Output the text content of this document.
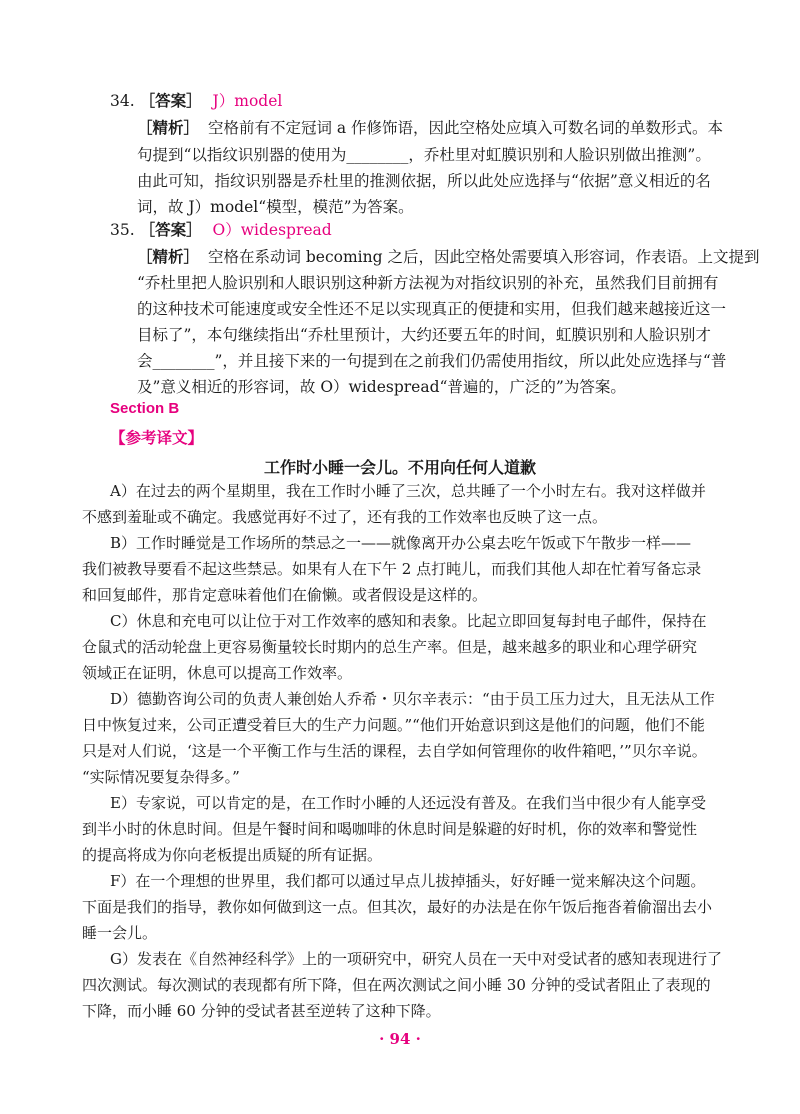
34. ［答案］ J）model
［精析］ 空格前有不定冠词 a 作修饰语，因此空格处应填入可数名词的单数形式。本
句提到“以指纹识别器的使用为________，乔杜里对虹膜识别和人脸识别做出推测”。
由此可知，指纹识别器是乔杜里的推测依据，所以此处应选择与“依据”意义相近的名
词，故 J）model“模型，模范”为答案。
35. ［答案］ O）widespread
［精析］ 空格在系动词 becoming 之后，因此空格处需要填入形容词，作表语。上文提到
“乔杜里把人脸识别和人眼识别这种新方法视为对指纹识别的补充，虽然我们目前拥有
的这种技术可能速度或安全性还不足以实现真正的便捷和实用，但我们越来越接近这一
目标了”，本句继续指出“乔杜里预计，大约还要五年的时间，虹膜识别和人脸识别才
会________”，并且接下来的一句提到在之前我们仍需使用指纹，所以此处应选择与“普
及”意义相近的形容词，故 O）widespread“普遍的，广泛的”为答案。
Section B
【参考译文】
工作时小睡一会儿。不用向任何人道歉
A）在过去的两个星期里，我在工作时小睡了三次，总共睡了一个小时左右。我对这样做并
不感到羞耻或不确定。我感觉再好不过了，还有我的工作效率也反映了这一点。
B）工作时睡觉是工作场所的禁忌之一——就像离开办公桌去吃午饭或下午散步一样——
我们被教导要看不起这些禁忌。如果有人在下午 2 点打盹儿，而我们其他人却在忙着写备忘录
和回复邮件，那肯定意味着他们在偷懒。或者假设是这样的。
C）休息和充电可以让位于对工作效率的感知和表象。比起立即回复每封电子邮件，保持在
仓鼠式的活动轮盘上更容易衡量较长时期内的总生产率。但是，越来越多的职业和心理学研究
领域正在证明，休息可以提高工作效率。
D）德勤咨询公司的负责人兼创始人乔希・贝尔辛表示：“由于员工压力过大，且无法从工作
日中恢复过来，公司正遭受着巨大的生产力问题。”“他们开始意识到这是他们的问题，他们不能
只是对人们说，‘这是一个平衡工作与生活的课程，去自学如何管理你的收件箱吧，’”贝尔辛说。
“实际情况要复杂得多。”
E）专家说，可以肯定的是，在工作时小睡的人还远没有普及。在我们当中很少有人能享受
到半小时的休息时间。但是午餐时间和喝咖啡的休息时间是躲避的好时机，你的效率和警觉性
的提高将成为你向老板提出质疑的所有证据。
F）在一个理想的世界里，我们都可以通过早点儿拔掉插头，好好睡一觉来解决这个问题。
下面是我们的指导，教你如何做到这一点。但其次，最好的办法是在你午饭后拖沓着偷溜出去小
睡一会儿。
G）发表在《自然神经科学》上的一项研究中，研究人员在一天中对受试者的感知表现进行了
四次测试。每次测试的表现都有所下降，但在两次测试之间小睡 30 分钟的受试者阻止了表现的
下降，而小睡 60 分钟的受试者甚至逆转了这种下降。
· 94 ·
